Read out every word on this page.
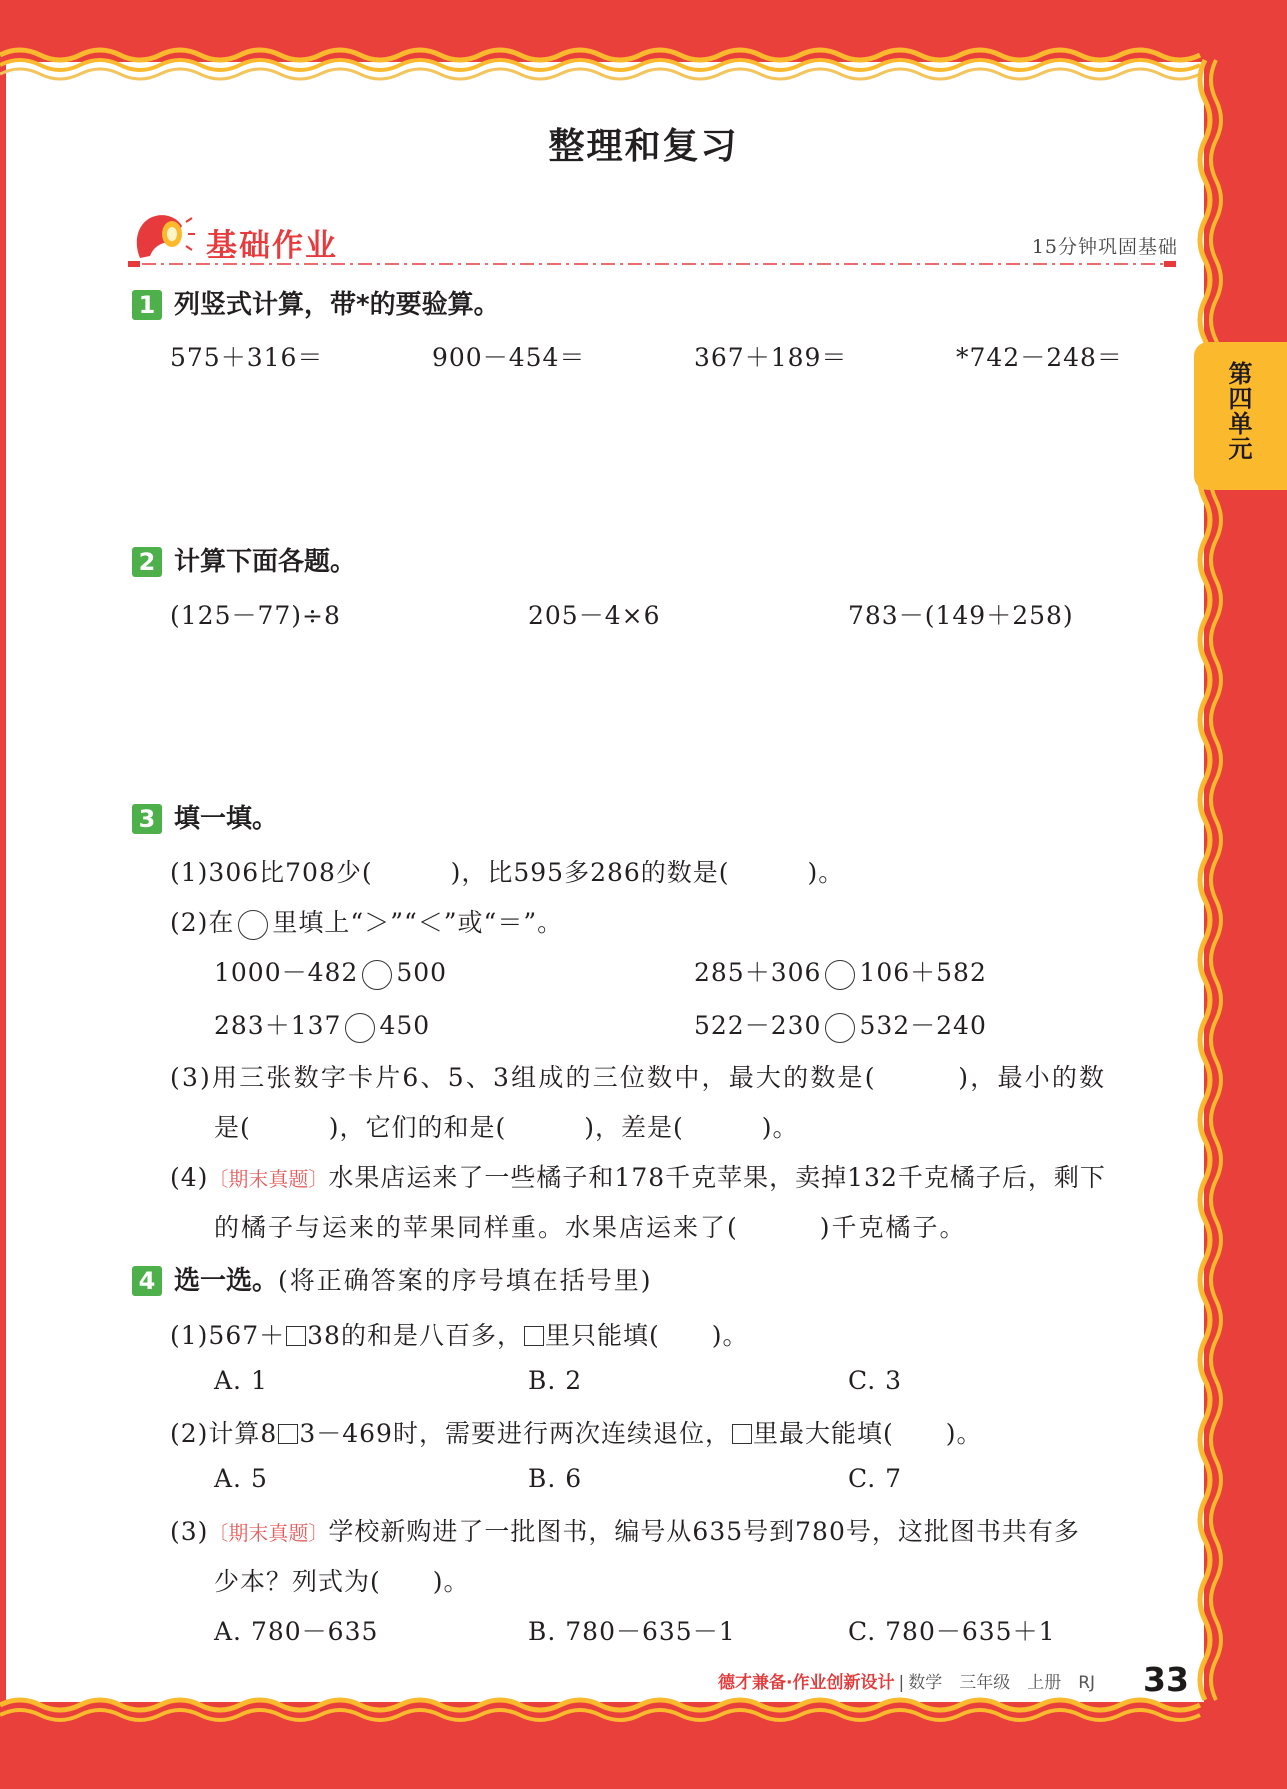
第四单元
整理和复习
基础作业	15分钟巩固基础
1 列竖式计算，带*的要验算。
575＋316＝	900－454＝	367＋189＝	*742－248＝
2 计算下面各题。
(125－77)÷8	205－4×6	783－(149＋258)
3 填一填。
(1)306比708少(　　　)，比595多286的数是(　　　)。
(2)在 里填上“＞”“＜”或“＝”。
1000－482 500	285＋306 106＋582
283＋137 450	522－230 532－240
(3)用三张数字卡片6、5、3组成的三位数中，最大的数是(　　　)，最小的数
是(　　　)，它们的和是(　　　)，差是(　　　)。
(4)〔期末真题〕水果店运来了一些橘子和178千克苹果，卖掉132千克橘子后，剩下
的橘子与运来的苹果同样重。水果店运来了(　　　)千克橘子。
4 选一选。(将正确答案的序号填在括号里)
(1)567＋ 38的和是八百多， 里只能填(　　)。
A. 1	B. 2	C. 3
(2)计算8 3－469时，需要进行两次连续退位， 里最大能填(　　)。
A. 5	B. 6	C. 7
(3)〔期末真题〕学校新购进了一批图书，编号从635号到780号，这批图书共有多
少本？列式为(　　)。
A. 780－635	B. 780－635－1	C. 780－635＋1
德才兼备·作业创新设计 | 数学　三年级　上册　RJ 33
